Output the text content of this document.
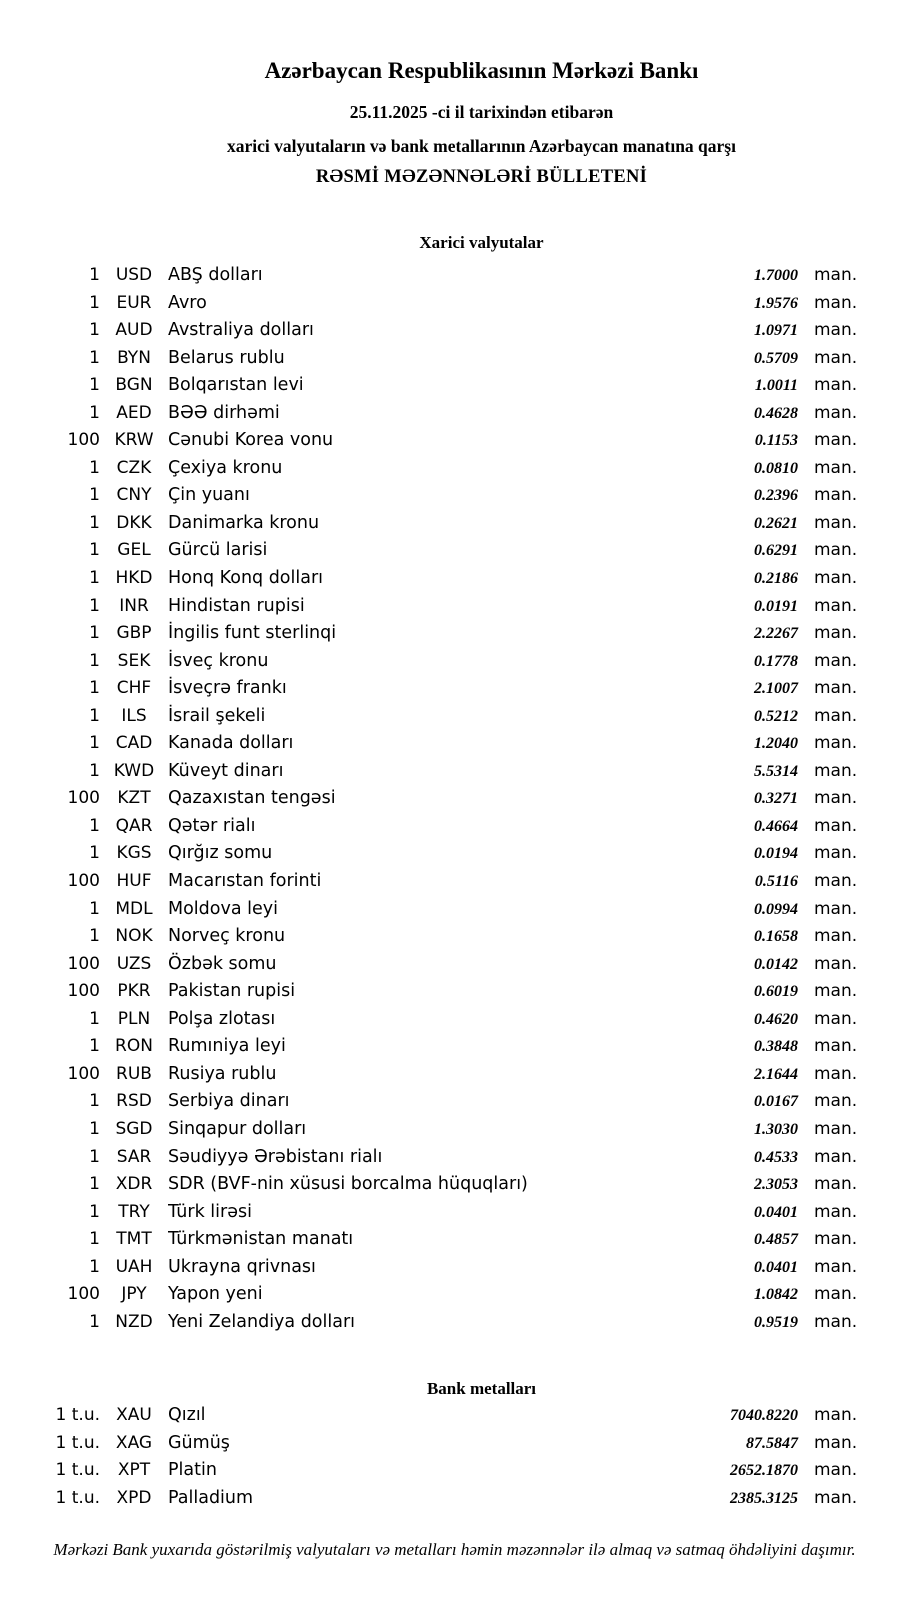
Azərbaycan Respublikasının Mərkəzi Bankı
25.11.2025 -ci il tarixindən etibarən
xarici valyutaların və bank metallarının Azərbaycan manatına qarşı
RƏSMİ MƏZƏNNƏLƏRİ BÜLLETENİ
Xarici valyutalar
1 USD ABŞ dolları	1.7000 man.
1 EUR Avro	1.9576 man.
1 AUD Avstraliya dolları	1.0971 man.
1	BYN Belarus rublu	0.5709 man.
1 BGN Bolqarıstan levi	1.0011 man.
1 AED BƏƏ dirhəmi	0.4628 man.
100 KRW Cənubi Korea vonu	0.1153 man.
1 CZK Çexiya kronu	0.0810 man.
1 CNY Çin yuanı	0.2396 man.
1 DKK Danimarka kronu	0.2621 man.
1	GEL Gürcü larisi	0.6291 man.
1 HKD Honq Konq dolları	0.2186 man.
1	INR	Hindistan rupisi	0.0191 man.
1 GBP İngilis funt sterlinqi	2.2267 man.
1	SEK	İsveç kronu	0.1778 man.
1 CHF İsveçrə frankı	2.1007 man.
1	ILS	İsrail şekeli	0.5212 man.
1 CAD Kanada dolları	1.2040 man.
1 KWD Küveyt dinarı	5.5314 man.
100	KZT Qazaxıstan tengəsi	0.3271 man.
1 QAR Qətər rialı	0.4664 man.
1 KGS Qırğız somu	0.0194 man.
100 HUF Macarıstan forinti	0.5116 man.
1 MDL Moldova leyi	0.0994 man.
1 NOK Norveç kronu	0.1658 man.
100 UZS Özbək somu	0.0142 man.
100	PKR Pakistan rupisi	0.6019 man.
1	PLN	Polşa zlotası	0.4620 man.
1 RON Rumıniya leyi	0.3848 man.
100 RUB Rusiya rublu	2.1644 man.
1 RSD Serbiya dinarı	0.0167 man.
1 SGD Sinqapur dolları	1.3030 man.
1 SAR Səudiyyə Ərəbistanı rialı	0.4533 man.
1 XDR SDR (BVF-nin xüsusi borcalma hüquqları)	2.3053 man.
1	TRY	Türk lirəsi	0.0401 man.
1 TMT Türkmənistan manatı	0.4857 man.
1 UAH Ukrayna qrivnası	0.0401 man.
100	JPY	Yapon yeni	1.0842 man.
1 NZD Yeni Zelandiya dolları	0.9519 man.
Bank metalları
1 t.u. XAU Qızıl	7040.8220 man.
1 t.u. XAG Gümüş	87.5847 man.
1 t.u.	XPT	Platin	2652.1870 man.
1 t.u. XPD Palladium	2385.3125 man.
Mərkəzi Bank yuxarıda göstərilmiş valyutaları və metalları həmin məzənnələr ilə almaq və satmaq öhdəliyini daşımır.
